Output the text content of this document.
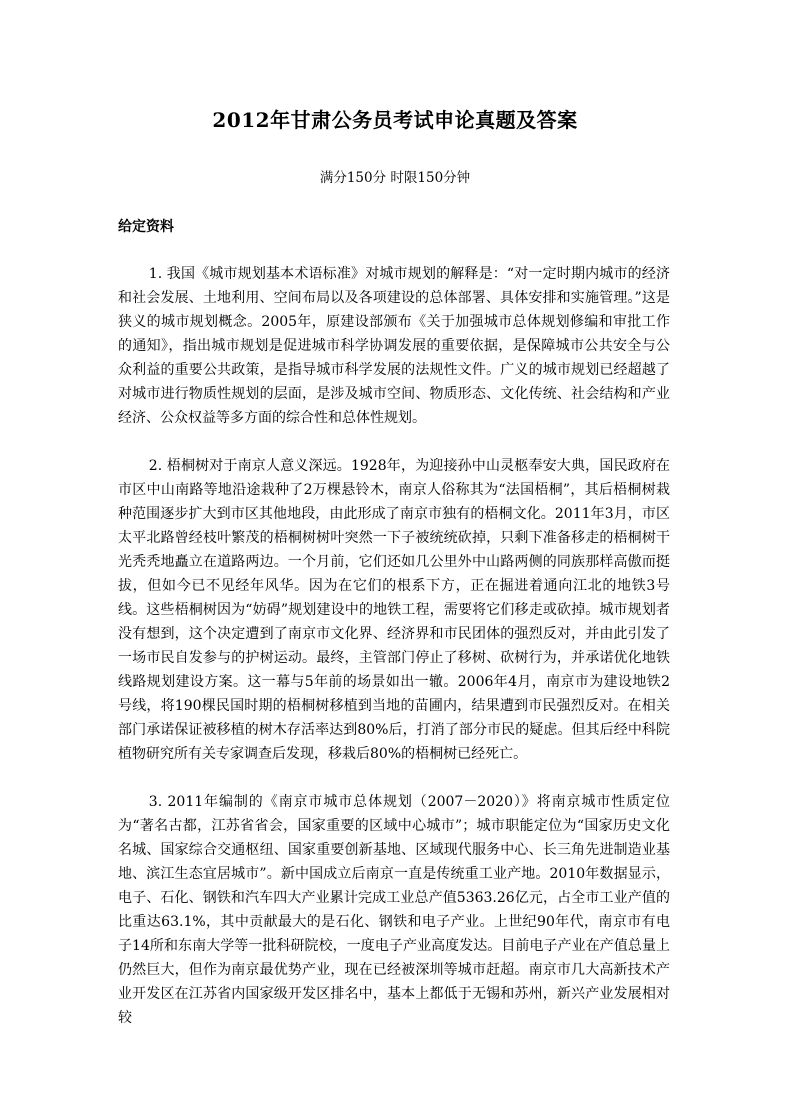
2012年甘肃公务员考试申论真题及答案
满分150分 时限150分钟
给定资料

1. 我国《城市规划基本术语标准》对城市规划的解释是：“对一定时期内城市的经济和社会发展、土地利用、空间布局以及各项建设的总体部署、具体安排和实施管理。”这是狭义的城市规划概念。2005年，原建设部颁布《关于加强城市总体规划修编和审批工作的通知》，指出城市规划是促进城市科学协调发展的重要依据，是保障城市公共安全与公众利益的重要公共政策，是指导城市科学发展的法规性文件。广义的城市规划已经超越了对城市进行物质性规划的层面，是涉及城市空间、物质形态、文化传统、社会结构和产业经济、公众权益等多方面的综合性和总体性规划。

2. 梧桐树对于南京人意义深远。1928年，为迎接孙中山灵柩奉安大典，国民政府在市区中山南路等地沿途栽种了2万棵悬铃木，南京人俗称其为“法国梧桐”，其后梧桐树栽种范围逐步扩大到市区其他地段，由此形成了南京市独有的梧桐文化。2011年3月，市区太平北路曾经枝叶繁茂的梧桐树树叶突然一下子被统统砍掉，只剩下准备移走的梧桐树干光秃秃地矗立在道路两边。一个月前，它们还如几公里外中山路两侧的同族那样高傲而挺拔，但如今已不见经年风华。因为在它们的根系下方，正在掘进着通向江北的地铁3号线。这些梧桐树因为“妨碍”规划建设中的地铁工程，需要将它们移走或砍掉。城市规划者没有想到，这个决定遭到了南京市文化界、经济界和市民团体的强烈反对，并由此引发了一场市民自发参与的护树运动。最终，主管部门停止了移树、砍树行为，并承诺优化地铁线路规划建设方案。这一幕与5年前的场景如出一辙。2006年4月，南京市为建设地铁2号线，将190棵民国时期的梧桐树移植到当地的苗圃内，结果遭到市民强烈反对。在相关部门承诺保证被移植的树木存活率达到80%后，打消了部分市民的疑虑。但其后经中科院植物研究所有关专家调查后发现，移栽后80%的梧桐树已经死亡。

3. 2011年编制的《南京市城市总体规划（2007－2020）》将南京城市性质定位为“著名古都，江苏省省会，国家重要的区域中心城市”；城市职能定位为“国家历史文化名城、国家综合交通枢纽、国家重要创新基地、区域现代服务中心、长三角先进制造业基地、滨江生态宜居城市”。新中国成立后南京一直是传统重工业产地。2010年数据显示，电子、石化、钢铁和汽车四大产业累计完成工业总产值5363.26亿元，占全市工业产值的比重达63.1%，其中贡献最大的是石化、钢铁和电子产业。上世纪90年代，南京市有电子14所和东南大学等一批科研院校，一度电子产业高度发达。目前电子产业在产值总量上仍然巨大，但作为南京最优势产业，现在已经被深圳等城市赶超。南京市几大高新技术产业开发区在江苏省内国家级开发区排名中，基本上都低于无锡和苏州，新兴产业发展相对较
